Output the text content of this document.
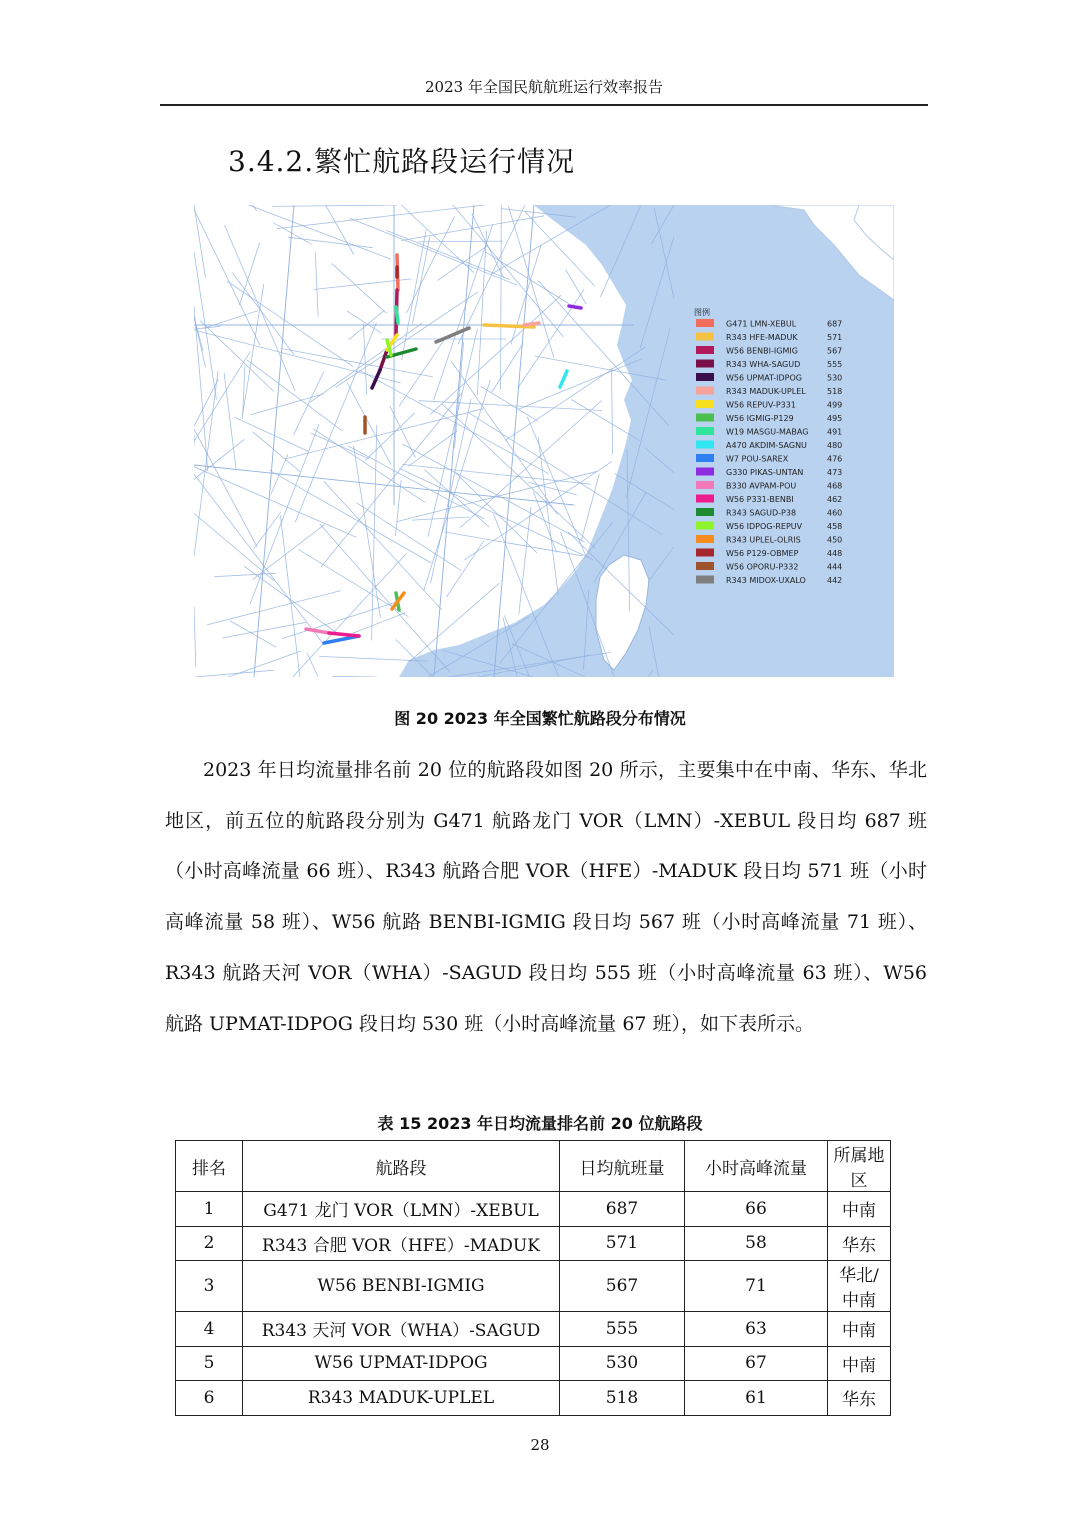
2023 年全国民航航班运行效率报告
3.4.2.繁忙航路段运行情况
图例
G471 LMN-XEBUL	687
R343 HFE-MADUK	571
W56 BENBI-IGMIG	567
R343 WHA-SAGUD	555
W56 UPMAT-IDPOG	530
R343 MADUK-UPLEL	518
W56 REPUV-P331	499
W56 IGMIG-P129	495
W19 MASGU-MABAG 491
A470 AKDIM-SAGNU	480
W7 POU-SAREX	476
G330 PIKAS-UNTAN	473
B330 AVPAM-POU	468
W56 P331-BENBI	462
R343 SAGUD-P38	460
W56 IDPOG-REPUV	458
R343 UPLEL-OLRIS	450
W56 P129-OBMEP	448
W56 OPORU-P332	444
R343 MIDOX-UXALO	442
图 20 2023 年全国繁忙航路段分布情况

2023 年日均流量排名前 20 位的航路段如图 20 所示，主要集中在中南、华东、华北地区，前五位的航路段分别为 G471 航路龙门 VOR（LMN）-XEBUL 段日均 687 班（小时高峰流量 66 班）、R343 航路合肥 VOR（HFE）-MADUK 段日均 571 班（小时高峰流量 58 班）、W56 航路 BENBI-IGMIG 段日均 567 班（小时高峰流量 71 班）、R343 航路天河 VOR（WHA）-SAGUD 段日均 555 班（小时高峰流量 63 班）、W56 航路 UPMAT-IDPOG 段日均 530 班（小时高峰流量 67 班），如下表所示。

表 15 2023 年日均流量排名前 20 位航路段
排名	航路段	日均航班量	小时高峰流量	所属地区
1	G471 龙门 VOR（LMN）-XEBUL	687	66	中南
2	R343 合肥 VOR（HFE）-MADUK	571	58	华东
3	W56 BENBI-IGMIG	567	71	华北/中南
4	R343 天河 VOR（WHA）-SAGUD	555	63	中南
5	W56 UPMAT-IDPOG	530	67	中南
6	R343 MADUK-UPLEL	518	61	华东
28
